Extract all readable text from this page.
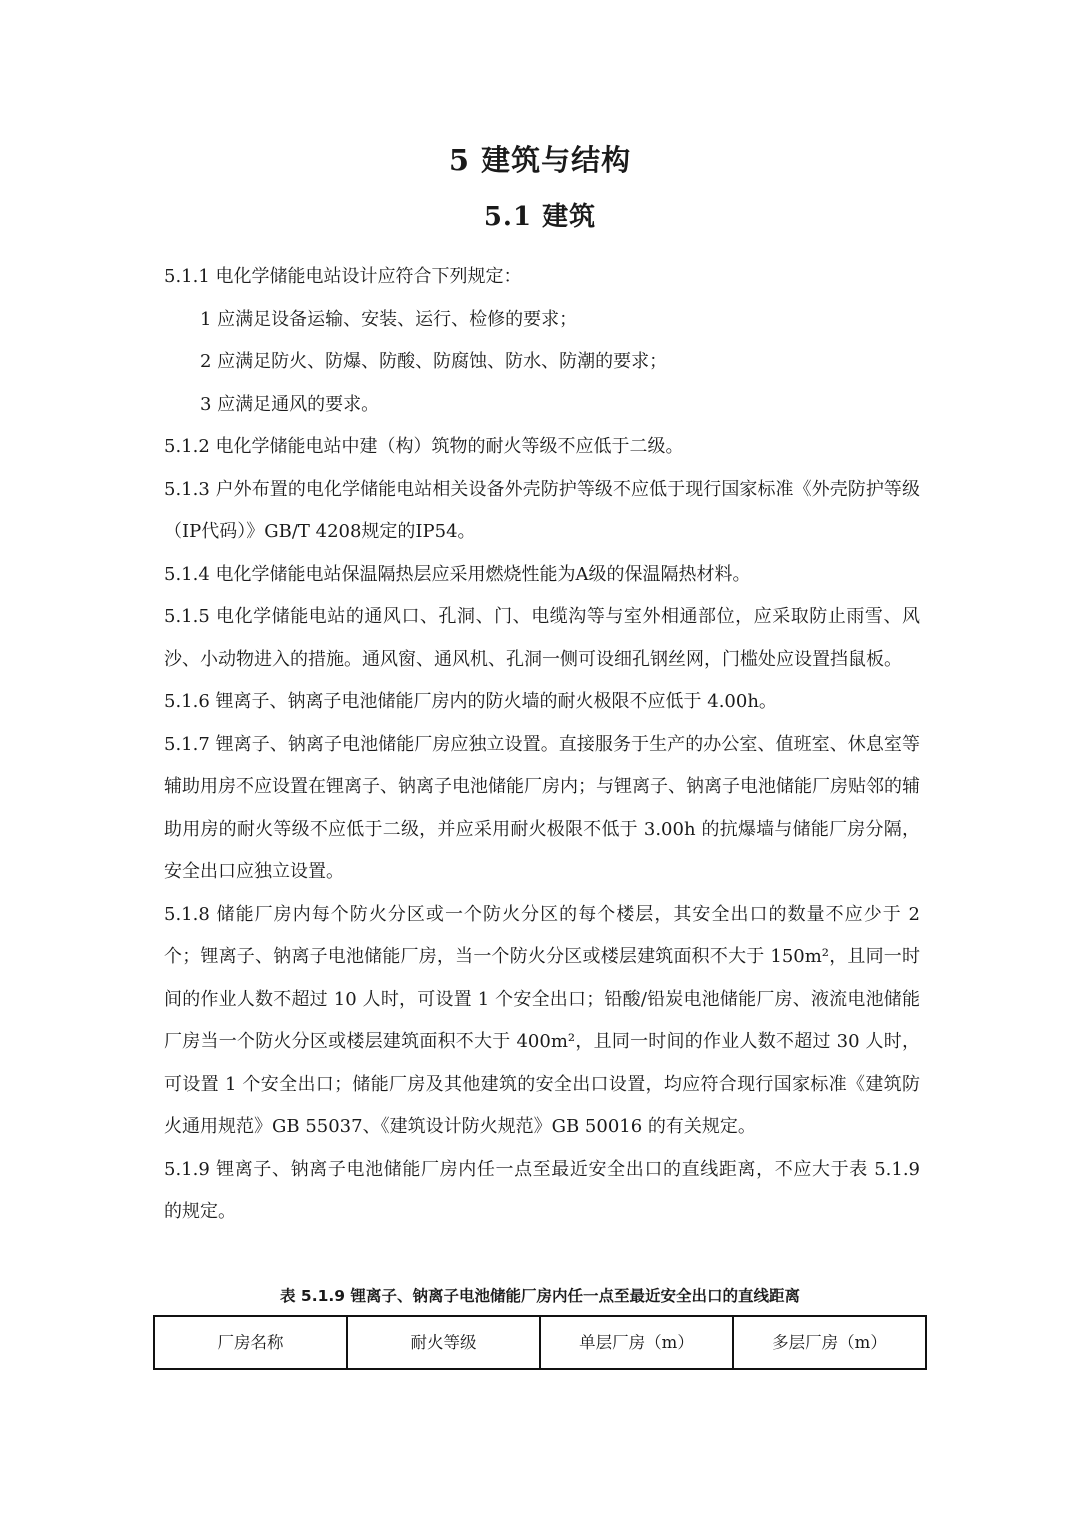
5 建筑与结构
5.1 建筑

5.1.1 电化学储能电站设计应符合下列规定：

1 应满足设备运输、安装、运行、检修的要求；

2 应满足防火、防爆、防酸、防腐蚀、防水、防潮的要求；

3 应满足通风的要求。

5.1.2 电化学储能电站中建（构）筑物的耐火等级不应低于二级。

5.1.3 户外布置的电化学储能电站相关设备外壳防护等级不应低于现行国家标准《外壳防护等级（IP代码）》GB/T 4208规定的IP54。

5.1.4 电化学储能电站保温隔热层应采用燃烧性能为A级的保温隔热材料。

5.1.5 电化学储能电站的通风口、孔洞、门、电缆沟等与室外相通部位，应采取防止雨雪、风沙、小动物进入的措施。通风窗、通风机、孔洞一侧可设细孔钢丝网，门槛处应设置挡鼠板。

5.1.6 锂离子、钠离子电池储能厂房内的防火墙的耐火极限不应低于 4.00h。

5.1.7 锂离子、钠离子电池储能厂房应独立设置。直接服务于生产的办公室、值班室、休息室等辅助用房不应设置在锂离子、钠离子电池储能厂房内；与锂离子、钠离子电池储能厂房贴邻的辅助用房的耐火等级不应低于二级，并应采用耐火极限不低于 3.00h 的抗爆墙与储能厂房分隔，安全出口应独立设置。

5.1.8 储能厂房内每个防火分区或一个防火分区的每个楼层，其安全出口的数量不应少于 2 个；锂离子、钠离子电池储能厂房，当一个防火分区或楼层建筑面积不大于 150m²，且同一时间的作业人数不超过 10 人时，可设置 1 个安全出口；铅酸/铅炭电池储能厂房、液流电池储能厂房当一个防火分区或楼层建筑面积不大于 400m²，且同一时间的作业人数不超过 30 人时，可设置 1 个安全出口；储能厂房及其他建筑的安全出口设置，均应符合现行国家标准《建筑防火通用规范》GB 55037、《建筑设计防火规范》GB 50016 的有关规定。

5.1.9 锂离子、钠离子电池储能厂房内任一点至最近安全出口的直线距离，不应大于表 5.1.9 的规定。

表 5.1.9 锂离子、钠离子电池储能厂房内任一点至最近安全出口的直线距离
厂房名称	耐火等级	单层厂房（m）	多层厂房（m）
